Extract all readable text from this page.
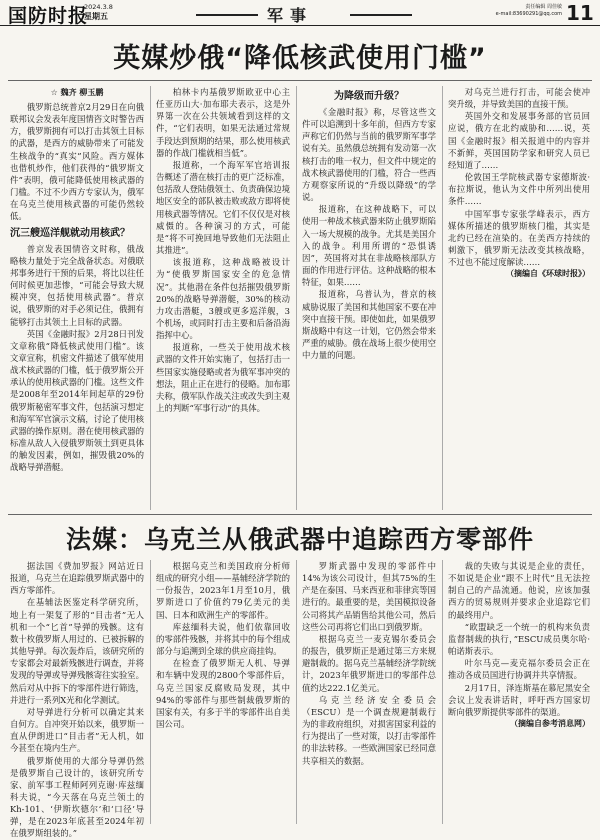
国防时报
2024.3.8
星期五	军事	责任编辑 周佳敏
e-mail:83690291@qq.com 11
英媒炒俄“降低核武使用门槛”

☆ 魏齐 柳玉鹏

俄罗斯总统普京2月29日在向俄联邦议会发表年度国情咨文时警告西方，俄罗斯拥有可以打击其领土目标的武器，是西方的威胁带来了可能发生核战争的“真实”风险。西方媒体也借机炒作，他们获得的“俄罗斯文件”表明，俄可能降低使用核武器的门槛。不过不少西方专家认为，俄军在乌克兰使用核武器的可能仍然较低。

沉三艘巡洋舰就动用核武？

普京发表国情咨文时称，俄战略核力量处于完全战备状态。对俄联邦事务进行干预的后果，将比以往任何时候更加悲惨，“可能会导致大规模冲突，包括使用核武器”。普京说，俄罗斯的对手必须记住，俄拥有能够打击其领土上目标的武器。

英国《金融时报》2月28日刊发文章称俄“降低核武使用门槛”。该文章宣称，机密文件描述了俄军使用战术核武器的门槛，低于俄罗斯公开承认的使用核武器的门槛。这些文件是2008年至2014年间起草的29份俄罗斯秘密军事文件，包括演习想定和海军军官演示文稿，讨论了使用核武器的操作原则。潜在使用核武器的标准从敌人入侵俄罗斯领土到更具体的触发因素，例如，摧毁俄20%的战略导弹潜艇。

柏林卡内基俄罗斯欧亚中心主任亚历山大·加布耶夫表示，这是外界第一次在公共领域看到这样的文件，“它们表明，如果无法通过常规手段达到预期的结果，那么使用核武器的作战门槛就相当低”。

报道称，一个海军军官培训报告概述了潜在核打击的更广泛标准，包括敌人登陆俄领土、负责确保边境地区安全的部队被击败或敌方即将使用核武器等情况。它们不仅仅是对核威慑的。各种演习的方式，可能是“将不可挽回地导致他们无法阻止其推进”。

该报道称，这种战略被设计为“使俄罗斯国家安全的危急情况”。其他潜在条件包括摧毁俄罗斯20%的战略导弹潜艇，30%的核动力攻击潜艇，3艘或更多巡洋舰，3个机场，或同时打击主要和后备沿海指挥中心。

报道称，一些关于使用战术核武器的文件开始实施了，包括打击一些国家实施侵略或者为俄军事冲突的想法，阻止正在进行的侵略。加布耶夫称，俄军队作战关注或改失到主观上的判断“军事行动”的具体。

为降级而升级？

《金融时报》称，尽管这些文件可以追溯到十多年前，但西方专家声称它们仍然与当前的俄罗斯军事学说有关。虽然俄总统拥有发动第一次核打击的唯一权力，但文件中规定的战术核武器使用的门槛，符合一些西方观察家所说的“升级以降级”的学说。

报道称，在这种战略下，可以使用一种战术核武器来防止俄罗斯陷入一场大规模的战争。尤其是美国介入的战争。利用所谓的“恐惧诱因”，英国将对其在非战略核部队方面的作用进行评估。这种战略的根本特征，如果……

报道称，乌普认为，普京的核威胁说服了美国和其他国家不要在冲突中直接干预。即使如此，如果俄罗斯战略中有这一计划，它仍然会带来严重的威胁。俄在战场上很少使用空中力量的问题。

对乌克兰进行打击，可能会使冲突升级，并导致美国的直接干预。

英国外交和发展事务部的官员回应说，俄方在北约威胁和……说，英国《金融时报》相关报道中的内容并不新鲜，英国国防学家和研究人员已经知道了……

伦敦国王学院核武器专家德斯波·布拉斯说，他认为文件中所列出使用条件……

中国军事专家张学峰表示，西方媒体所描述的俄罗斯核门槛，其实是北约已经在渲染的。在美西方持续的刺激下，俄罗斯无法改变其核战略，不过也不能过度解读……

（摘编自《环球时报》）

法媒：乌克兰从俄武器中追踪西方零部件

据法国《费加罗报》网站近日报道，乌克兰在追踪俄罗斯武器中的西方零部件。

在基辅法医鉴定科学研究所，地上有一架复了形的“目击者”无人机和一个“匕首”导弹的残骸。这有数十枚俄罗斯人用过的、已被拆解的其他导弹。每次轰炸后，该研究所的专家都会对最新残骸进行调查，并将发现的导弹或导弹残骸寄往实验室。然后对从中拆下的零部件进行筛选，并进行一系列X光和化学测试。

对导弹进行分析可以确定其来自何方。自冲突开始以来，俄罗斯一直从伊朗进口“目击者”无人机，如今甚至在境内生产。

俄罗斯使用的大部分导弹仍然是俄罗斯自己设计的，该研究所专家、前军事工程师阿列克谢·库兹缅科夫说，“今天落在乌克兰领土的Kh-101、‘伊斯坎德尔’和‘口径’导弹，是在2023年底甚至2024年初在俄罗斯组装的。”

根据乌克兰和美国政府分析师组成的研究小组——基辅经济学院的一份报告，2023年1月至10月，俄罗斯进口了价值约79亿美元的美国、日本和欧洲生产的零部件。

库兹缅科夫说，他们依靠回收的零部件残骸，并将其中的每个组成部分与追溯到全球的供应商挂钩。

在检查了俄罗斯无人机、导弹和车辆中发现的2800个零部件后，乌克兰国家反腐败局发现，其中94%的零部件与那些制裁俄罗斯的国家有关，有多于半的零部件出自美国公司。

罗斯武器中发现的零部件中14%为该公司设计，但其75%的生产是在泰国、马来西亚和菲律宾等国进行的。最重要的是，美国模拟设备公司将其产品销售给其他公司，然后这些公司再将它们出口到俄罗斯。

根据乌克兰一麦克锡尔委员会的报告，俄罗斯正是通过第三方来规避制裁的。据乌克兰基辅经济学院统计，2023年俄罗斯进口的零部件总值约达222.1亿美元。

乌克兰经济安全委员会（ESCU）是一个调查规避制裁行为的非政府组织，对损害国家利益的行为提出了一些对策，以打击零部件的非法转移。一些欧洲国家已经同意共享相关的数据。

裁的失败与其说是企业的责任，不如说是企业“跟不上时代”且无法控制自己的产品流通。他说，应该加强西方的贸易规则并要求企业追踪它们的最终用户。

“欧盟缺乏一个统一的机构来负责监督制裁的执行，”ESCU成员奥尔哈·帕诺斯表示。

叶尔马克—麦克福尔委员会正在推动各成员国进行协调并共享情报。

2月17日，泽连斯基在慕尼黑安全会议上发表讲话时，呼吁西方国家切断向俄罗斯提供零部件的渠道。

（摘编自参考消息网）
